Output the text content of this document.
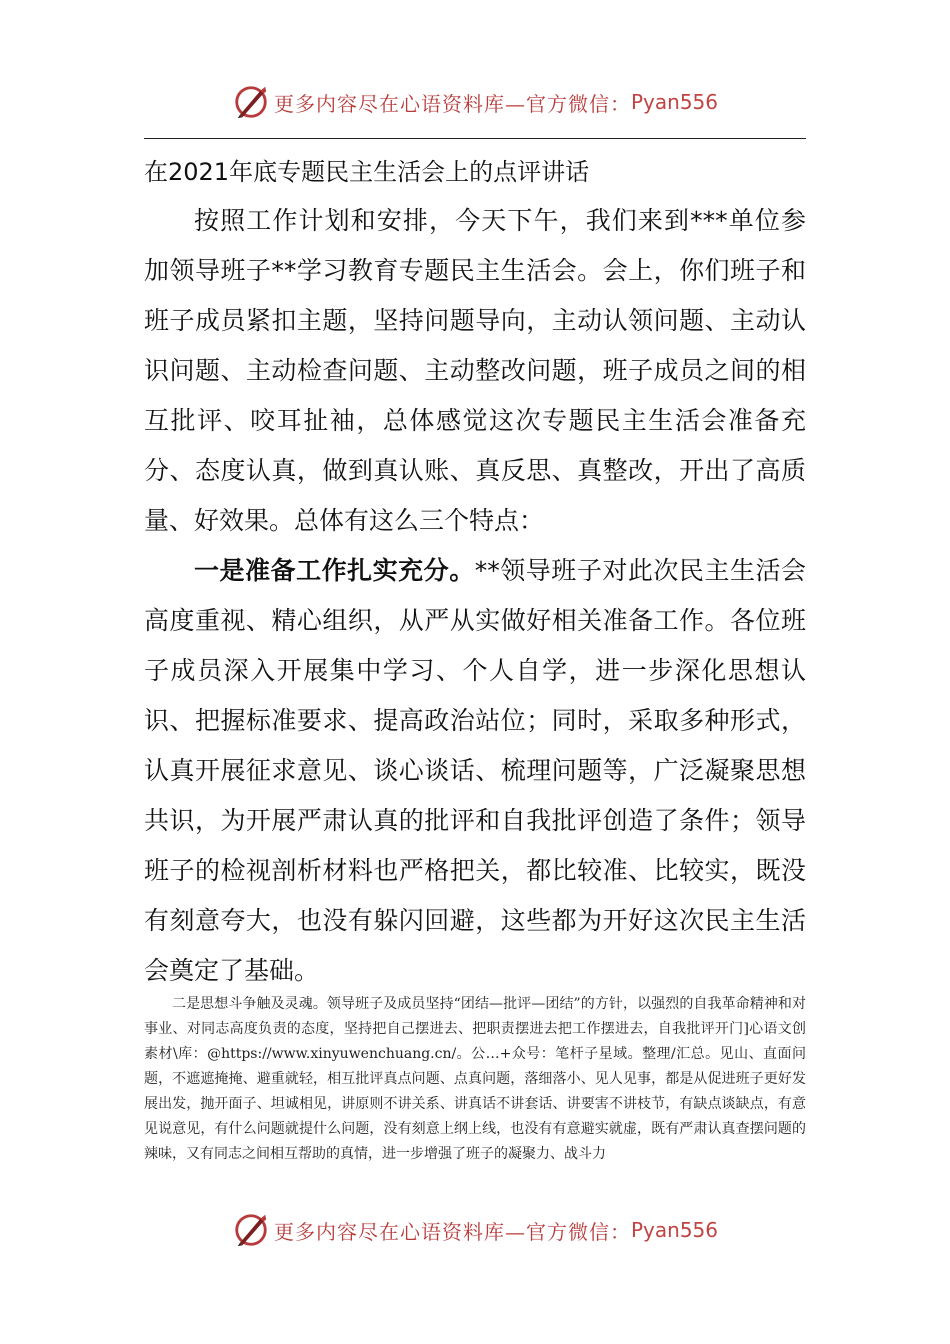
更多内容尽在心语资料库—官方微信： Pyan556
在2021年底专题民主生活会上的点评讲话

按照工作计划和安排，今天下午，我们来到***单位参加领导班子**学习教育专题民主生活会。会上，你们班子和班子成员紧扣主题，坚持问题导向，主动认领问题、主动认识问题、主动检查问题、主动整改问题，班子成员之间的相互批评、咬耳扯袖，总体感觉这次专题民主生活会准备充分、态度认真，做到真认账、真反思、真整改，开出了高质量、好效果。总体有这么三个特点：

一是准备工作扎实充分。**领导班子对此次民主生活会高度重视、精心组织，从严从实做好相关准备工作。各位班子成员深入开展集中学习、个人自学，进一步深化思想认识、把握标准要求、提高政治站位；同时，采取多种形式，认真开展征求意见、谈心谈话、梳理问题等，广泛凝聚思想共识，为开展严肃认真的批评和自我批评创造了条件；领导班子的检视剖析材料也严格把关，都比较准、比较实，既没有刻意夸大，也没有躲闪回避，这些都为开好这次民主生活会奠定了基础。

二是思想斗争触及灵魂。领导班子及成员坚持“团结—批评—团结”的方针，以强烈的自我革命精神和对事业、对同志高度负责的态度，坚持把自己摆进去、把职责摆进去把工作摆进去，自我批评开门]心语文创素材\库：@https://www.xinyuwenchuang.cn/。公…+众号：笔杆子星域。整理/汇总。见山、直面问题，不遮遮掩掩、避重就轻，相互批评真点问题、点真问题，落细落小、见人见事，都是从促进班子更好发展出发，抛开面子、坦诚相见，讲原则不讲关系、讲真话不讲套话、讲要害不讲枝节，有缺点谈缺点，有意见说意见，有什么问题就提什么问题，没有刻意上纲上线，也没有有意避实就虚，既有严肃认真查摆问题的辣味，又有同志之间相互帮助的真情，进一步增强了班子的凝聚力、战斗力

更多内容尽在心语资料库—官方微信： Pyan556
